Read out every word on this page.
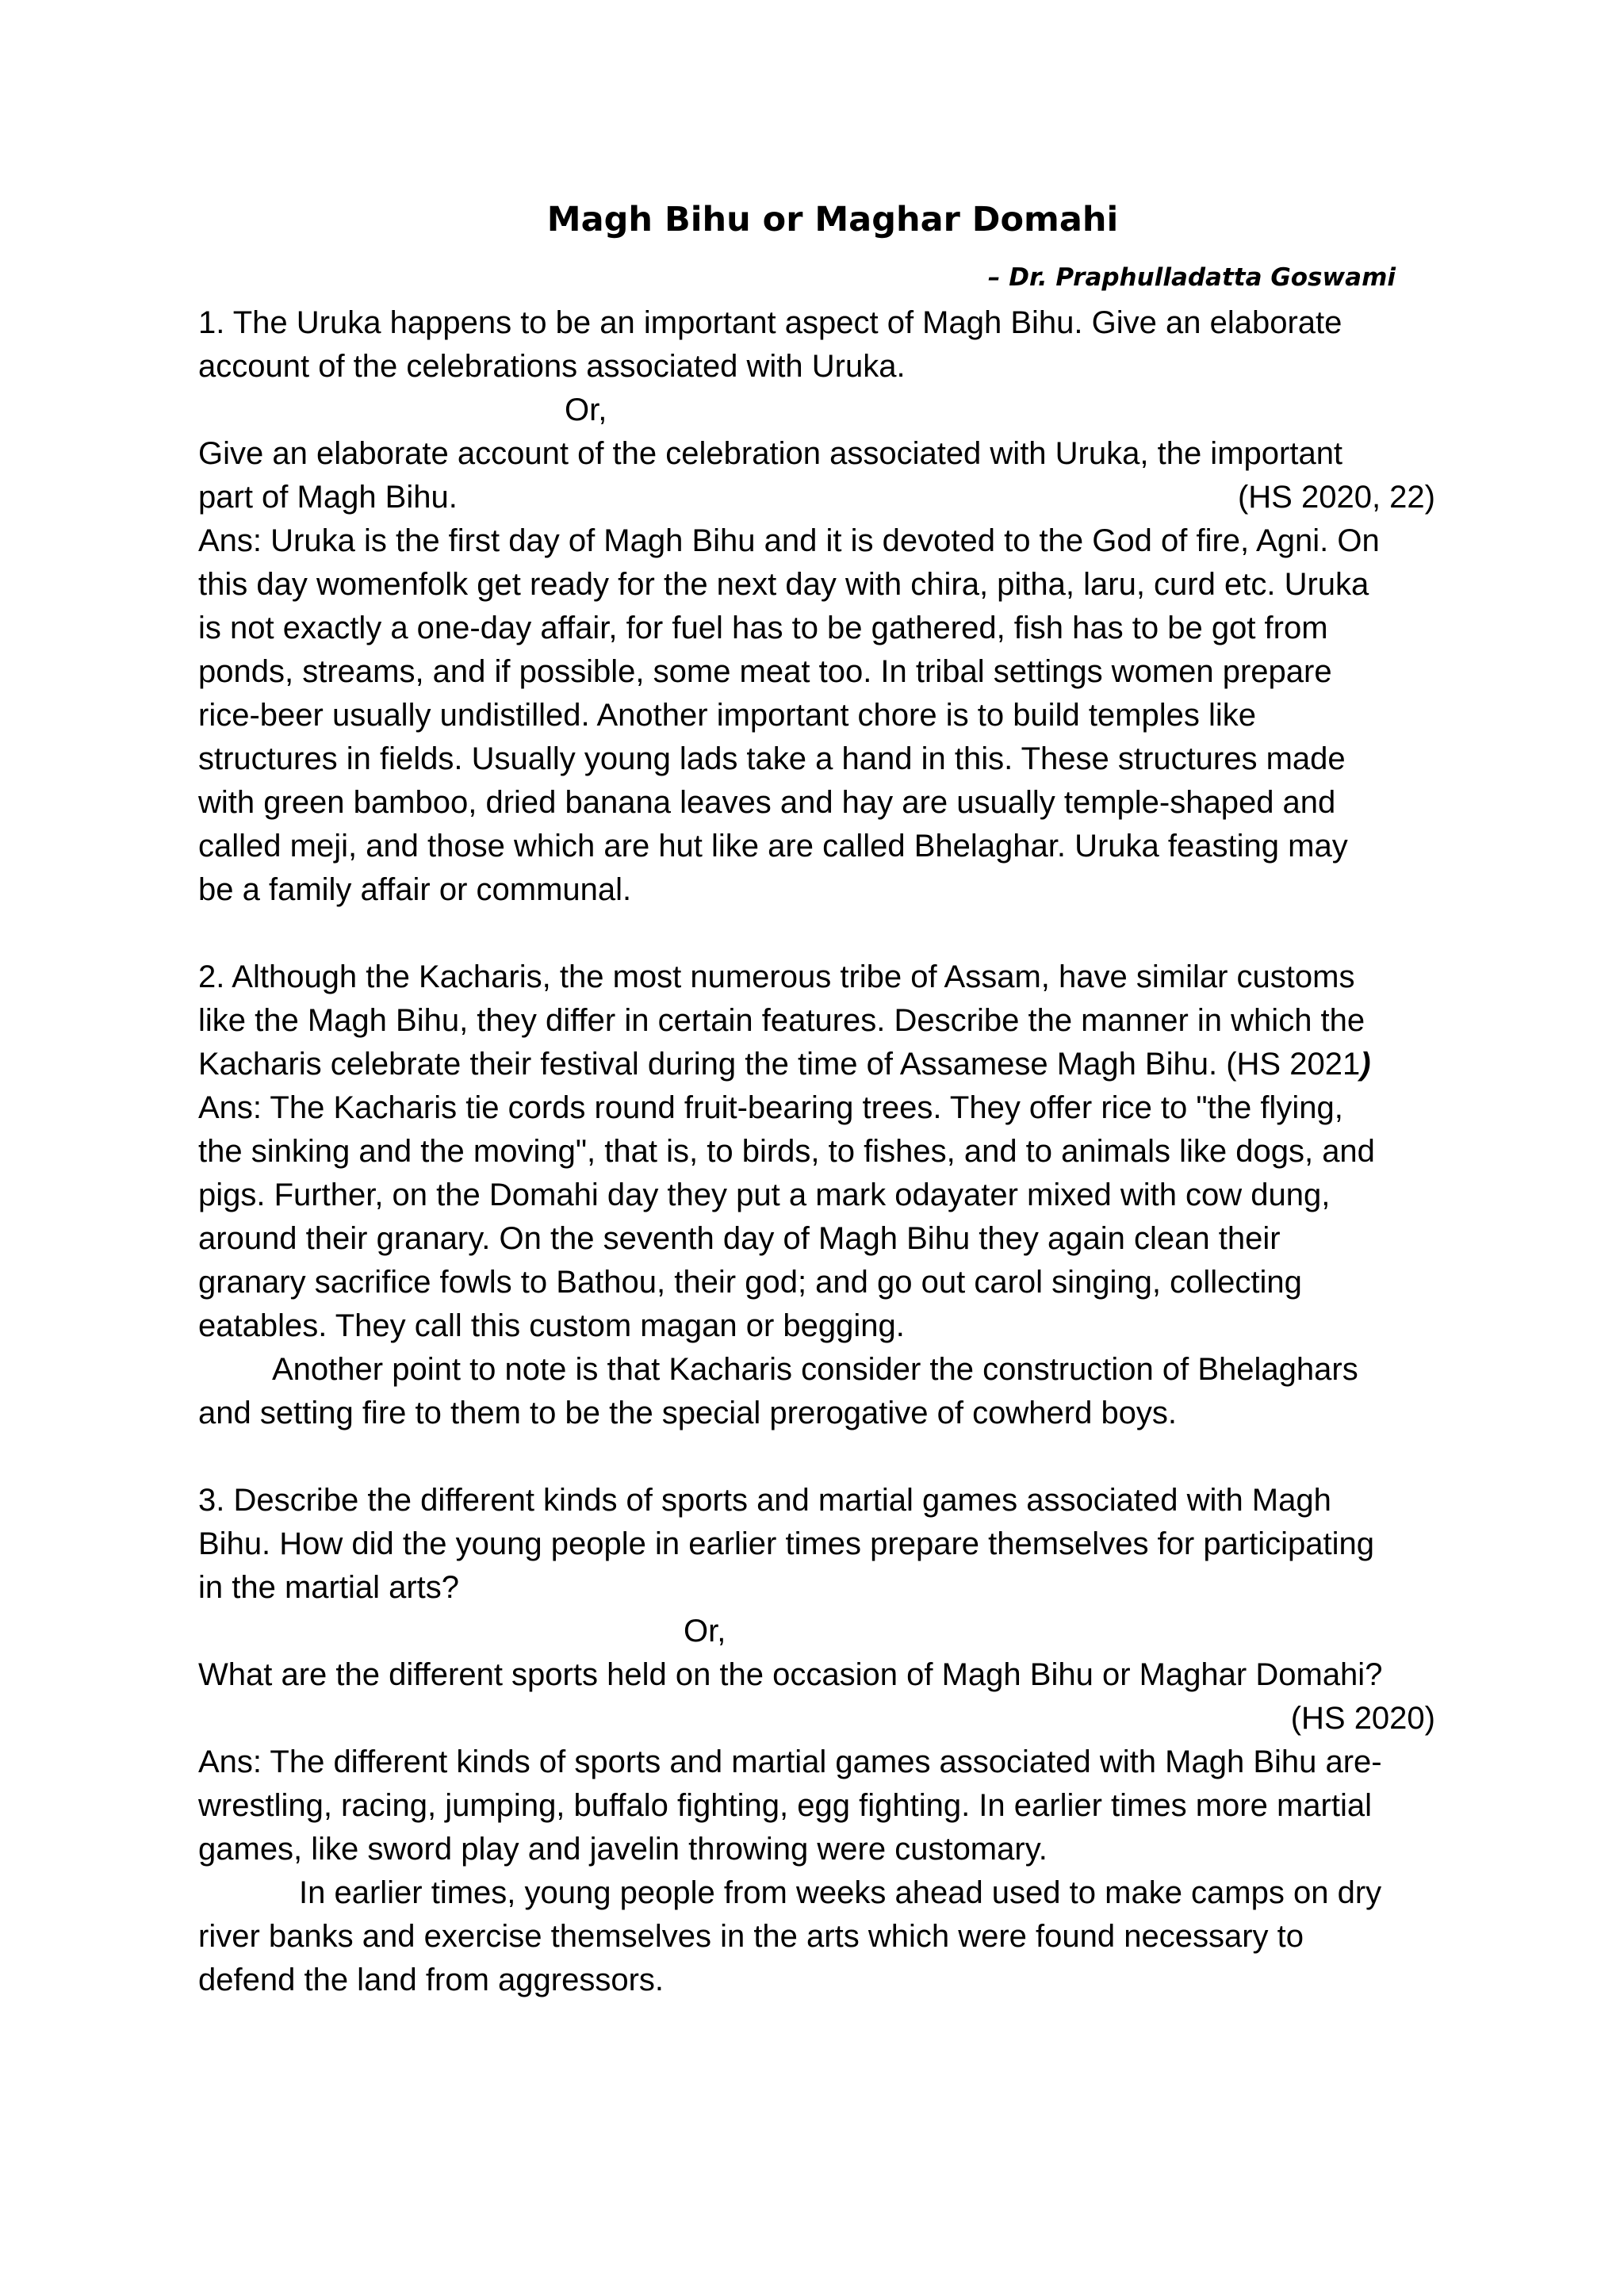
Magh Bihu or Maghar Domahi
– Dr. Praphulladatta Goswami
1. The Uruka happens to be an important aspect of Magh Bihu. Give an elaborate
account of the celebrations associated with Uruka.
Or,
Give an elaborate account of the celebration associated with Uruka, the important
part of Magh Bihu.	(HS 2020, 22)
Ans: Uruka is the first day of Magh Bihu and it is devoted to the God of fire, Agni. On
this day womenfolk get ready for the next day with chira, pitha, laru, curd etc. Uruka
is not exactly a one-day affair, for fuel has to be gathered, fish has to be got from
ponds, streams, and if possible, some meat too. In tribal settings women prepare
rice-beer usually undistilled. Another important chore is to build temples like
structures in fields. Usually young lads take a hand in this. These structures made
with green bamboo, dried banana leaves and hay are usually temple-shaped and
called meji, and those which are hut like are called Bhelaghar. Uruka feasting may
be a family affair or communal.
2. Although the Kacharis, the most numerous tribe of Assam, have similar customs
like the Magh Bihu, they differ in certain features. Describe the manner in which the
Kacharis celebrate their festival during the time of Assamese Magh Bihu. (HS 2021)
Ans: The Kacharis tie cords round fruit-bearing trees. They offer rice to "the flying,
the sinking and the moving", that is, to birds, to fishes, and to animals like dogs, and
pigs. Further, on the Domahi day they put a mark odayater mixed with cow dung,
around their granary. On the seventh day of Magh Bihu they again clean their
granary sacrifice fowls to Bathou, their god; and go out carol singing, collecting
eatables. They call this custom magan or begging.
Another point to note is that Kacharis consider the construction of Bhelaghars
and setting fire to them to be the special prerogative of cowherd boys.
3. Describe the different kinds of sports and martial games associated with Magh
Bihu. How did the young people in earlier times prepare themselves for participating
in the martial arts?
Or,
What are the different sports held on the occasion of Magh Bihu or Maghar Domahi?
(HS 2020)
Ans: The different kinds of sports and martial games associated with Magh Bihu are-
wrestling, racing, jumping, buffalo fighting, egg fighting. In earlier times more martial
games, like sword play and javelin throwing were customary.
In earlier times, young people from weeks ahead used to make camps on dry
river banks and exercise themselves in the arts which were found necessary to
defend the land from aggressors.
